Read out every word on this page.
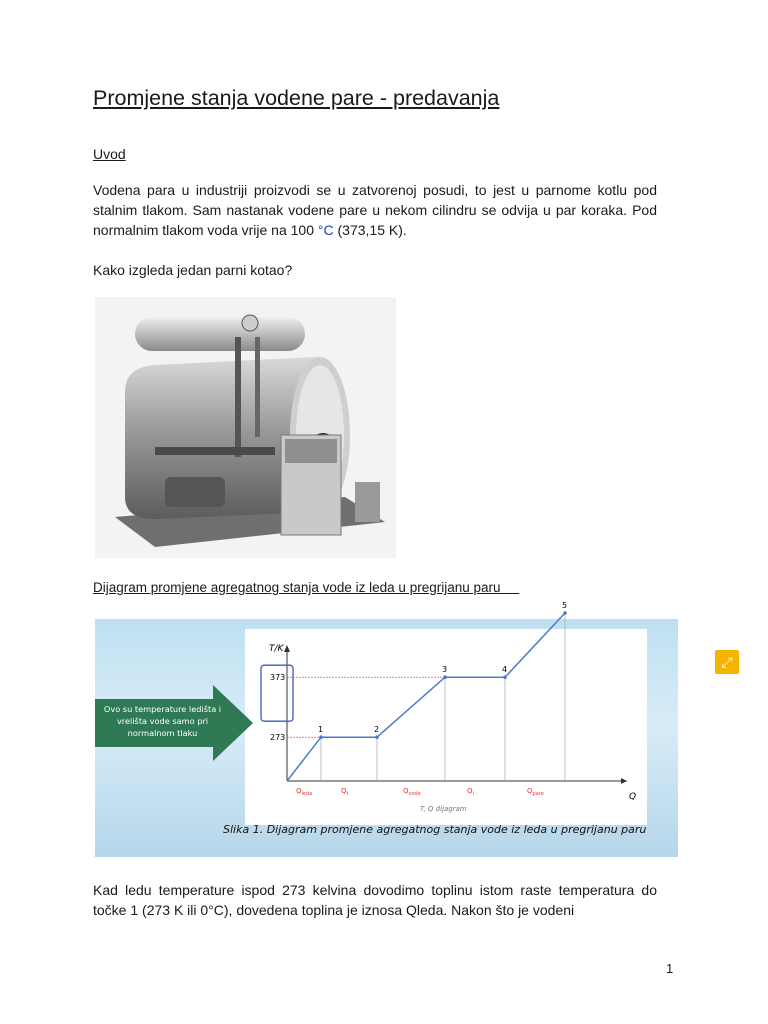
Promjene stanja vodene pare - predavanja
Uvod

Vodena para u industriji proizvodi se u zatvorenoj posudi, to jest u parnome kotlu pod stalnim tlakom. Sam nastanak vodene pare u nekom cilindru se odvija u par koraka. Pod normalnim tlakom voda vrije na 100 °C (373,15 K).

Kako izgleda jedan parni kotao?
Dijagram promjene agregatnog stanja vode iz leda u pregrijanu paru
T/K
Q
373
273
1	2
3	4
5
$Q_{leda}$	$Q_t$	$Q_{vode}$	$Q_i$	$Q_{pare}$
T, Q dijagram
⤢
Ovo su temperature ledišta i vrelišta vode samo pri normalnom tlaku
Slika 1. Dijagram promjene agregatnog stanja vode iz leda u pregrijanu paru

Kad ledu temperature ispod 273 kelvina dovodimo toplinu istom raste temperatura do točke 1 (273 K ili 0°C), dovedena toplina je iznosa Qleda. Nakon što je vodeni

1
